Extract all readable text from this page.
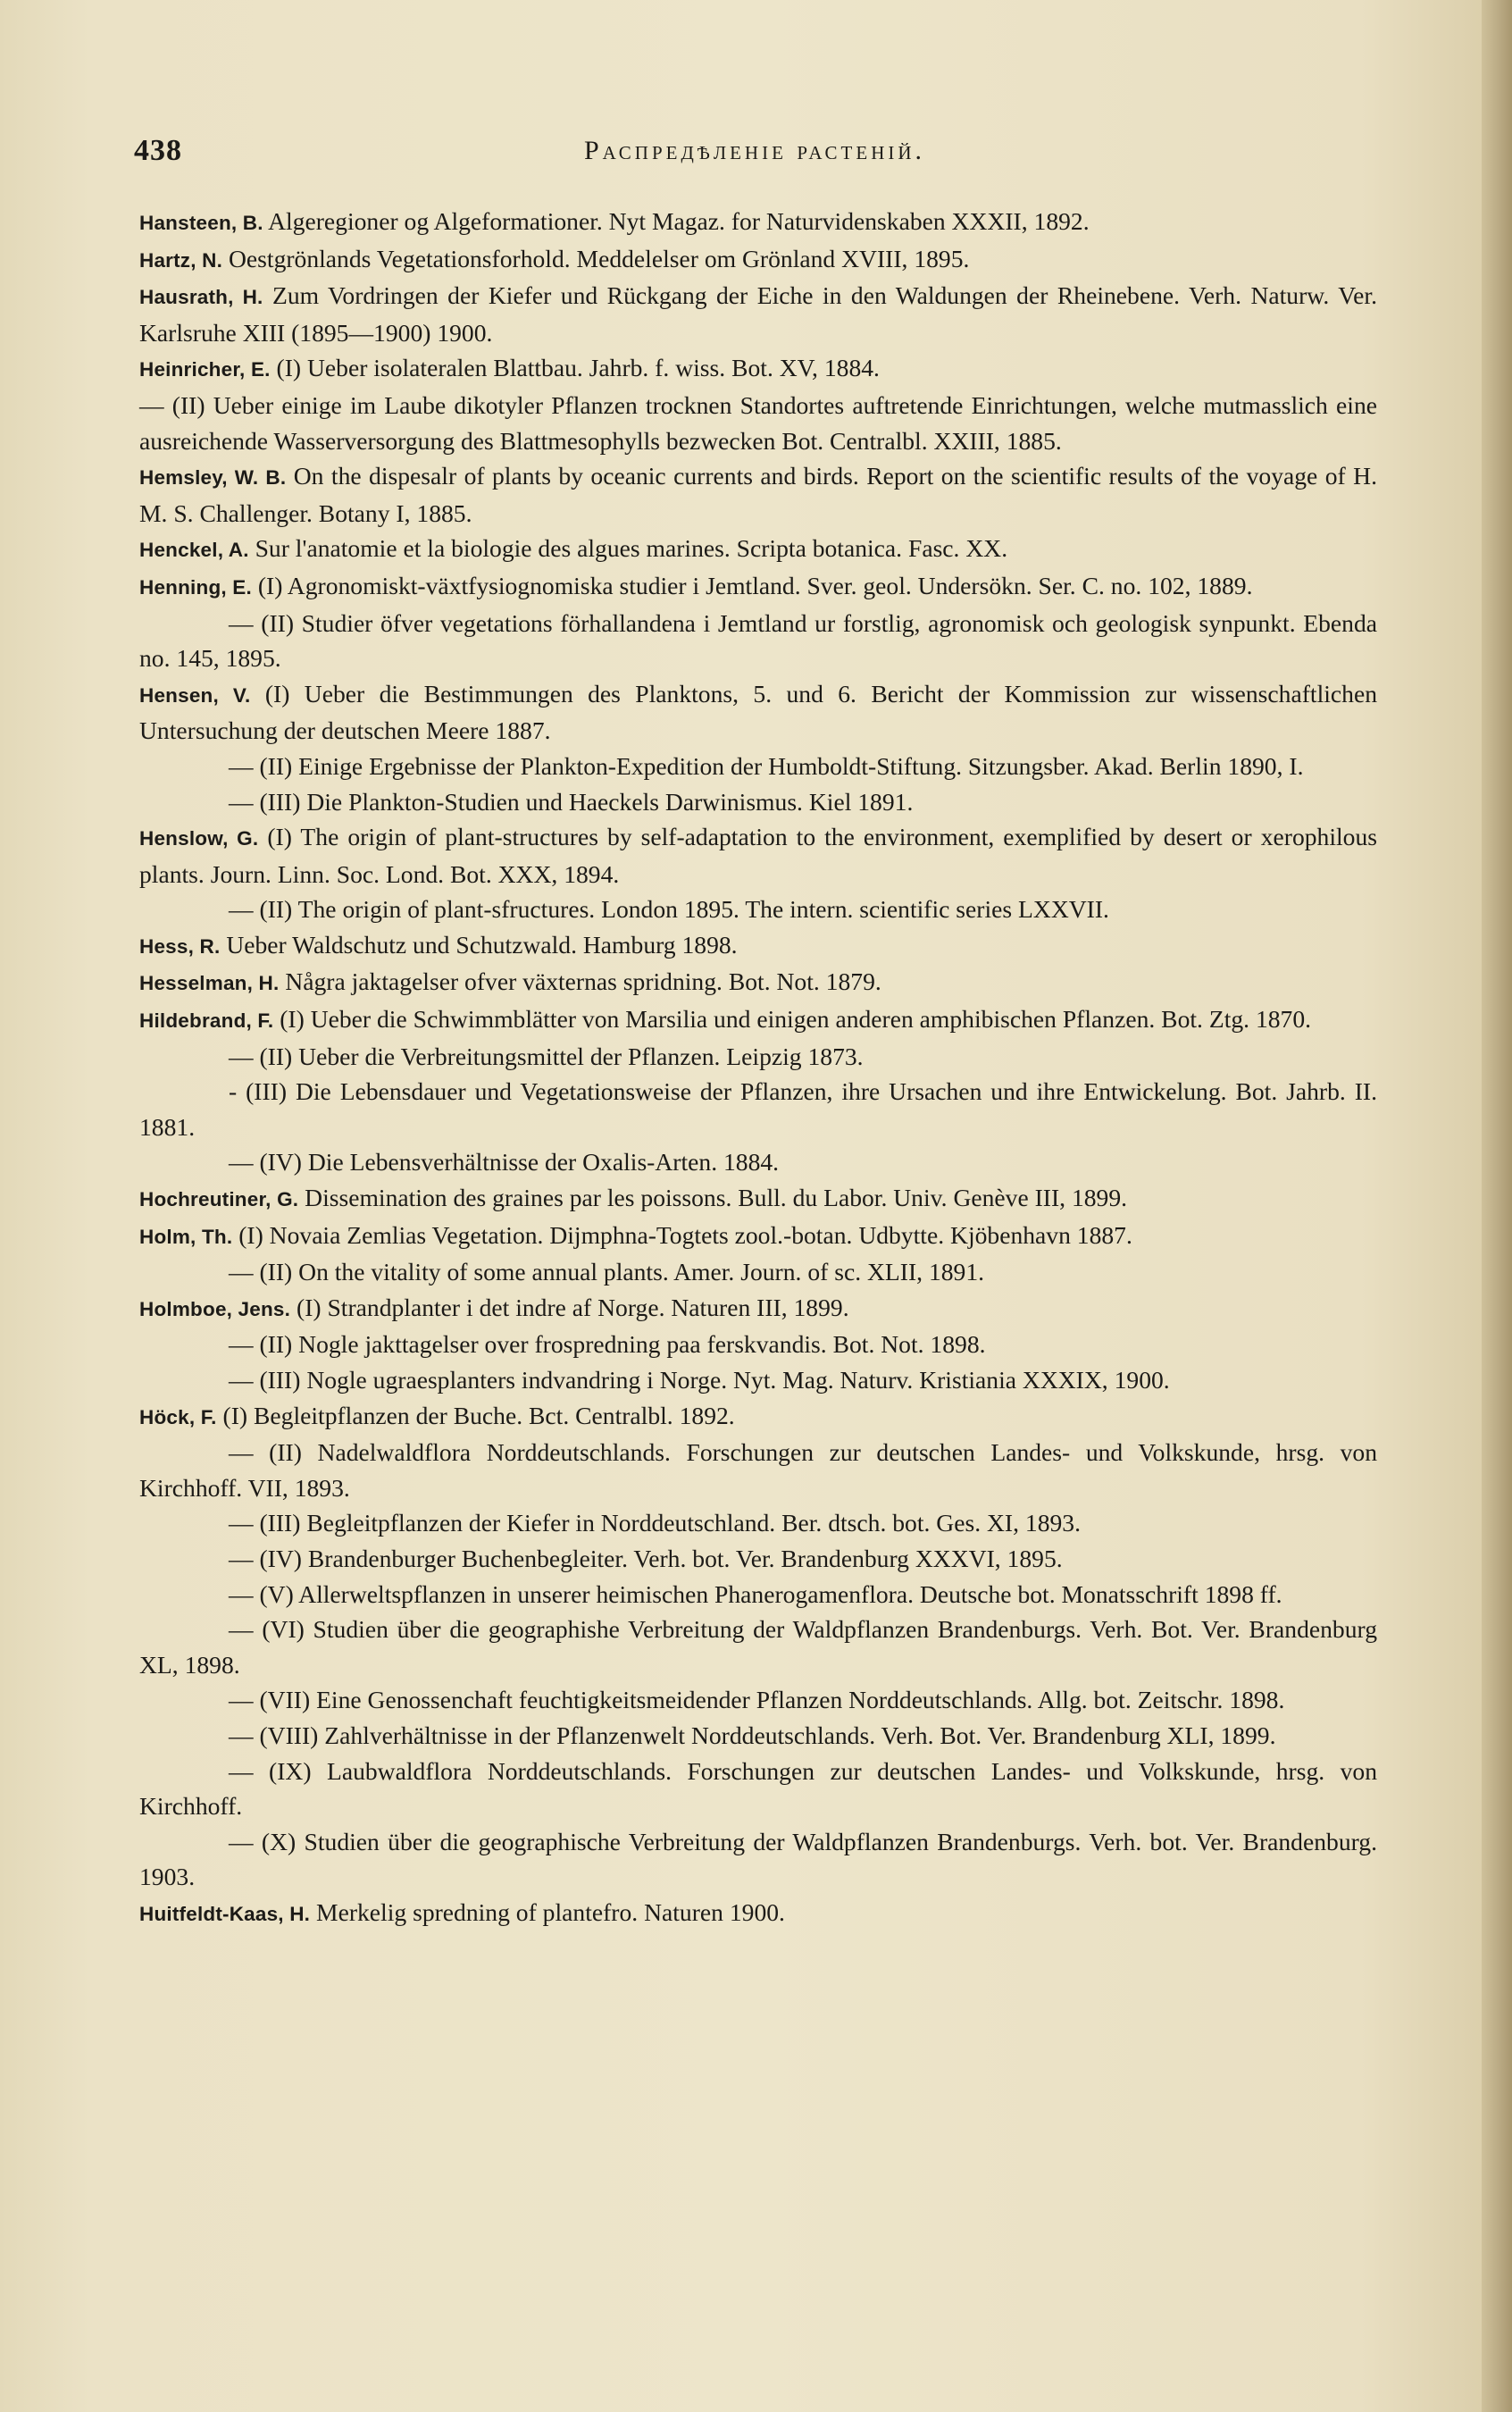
438	Распредѣленіе растеній.

Hansteen, B. Algeregioner og Algeformationer. Nyt Magaz. for Naturvidenskaben XXXII, 1892.

Hartz, N. Oestgrönlands Vegetationsforhold. Meddelelser om Grönland XVIII, 1895.

Hausrath, H. Zum Vordringen der Kiefer und Rückgang der Eiche in den Waldungen der Rheinebene. Verh. Naturw. Ver. Karlsruhe XIII (1895—1900) 1900.

Heinricher, E. (I) Ueber isolateralen Blattbau. Jahrb. f. wiss. Bot. XV, 1884.

— (II) Ueber einige im Laube dikotyler Pflanzen trocknen Standortes auftretende Einrichtungen, welche mutmasslich eine ausreichende Wasserversorgung des Blattmesophylls bezwecken Bot. Centralbl. XXIII, 1885.

Hemsley, W. B. On the dispesalr of plants by oceanic currents and birds. Report on the scientific results of the voyage of H. M. S. Challenger. Botany I, 1885.

Henckel, A. Sur l'anatomie et la biologie des algues marines. Scripta botanica. Fasc. XX.

Henning, E. (I) Agronomiskt-växtfysiognomiska studier i Jemtland. Sver. geol. Undersökn. Ser. C. no. 102, 1889.

— (II) Studier öfver vegetations förhallandena i Jemtland ur forstlig, agronomisk och geologisk synpunkt. Ebenda no. 145, 1895.

Hensen, V. (I) Ueber die Bestimmungen des Planktons, 5. und 6. Bericht der Kommission zur wissenschaftlichen Untersuchung der deutschen Meere 1887.

— (II) Einige Ergebnisse der Plankton-Expedition der Humboldt-Stiftung. Sitzungsber. Akad. Berlin 1890, I.

— (III) Die Plankton-Studien und Haeckels Darwinismus. Kiel 1891.

Henslow, G. (I) The origin of plant-structures by self-adaptation to the environment, exemplified by desert or xerophilous plants. Journ. Linn. Soc. Lond. Bot. XXX, 1894.

— (II) The origin of plant-sfructures. London 1895. The intern. scientific series LXXVII.

Hess, R. Ueber Waldschutz und Schutzwald. Hamburg 1898.

Hesselman, H. Några jaktagelser ofver växternas spridning. Bot. Not. 1879.

Hildebrand, F. (I) Ueber die Schwimmblätter von Marsilia und einigen anderen amphibischen Pflanzen. Bot. Ztg. 1870.

— (II) Ueber die Verbreitungsmittel der Pflanzen. Leipzig 1873.

- (III) Die Lebensdauer und Vegetationsweise der Pflanzen, ihre Ursachen und ihre Entwickelung. Bot. Jahrb. II. 1881.

— (IV) Die Lebensverhältnisse der Oxalis-Arten. 1884.

Hochreutiner, G. Dissemination des graines par les poissons. Bull. du Labor. Univ. Genève III, 1899.

Holm, Th. (I) Novaia Zemlias Vegetation. Dijmphna-Togtets zool.-botan. Udbytte. Kjöbenhavn 1887.

— (II) On the vitality of some annual plants. Amer. Journ. of sc. XLII, 1891.

Holmboe, Jens. (I) Strandplanter i det indre af Norge. Naturen III, 1899.

— (II) Nogle jakttagelser over frospredning paa ferskvandis. Bot. Not. 1898.

— (III) Nogle ugraesplanters indvandring i Norge. Nyt. Mag. Naturv. Kristiania XXXIX, 1900.

Höck, F. (I) Begleitpflanzen der Buche. Bct. Centralbl. 1892.

— (II) Nadelwaldflora Norddeutschlands. Forschungen zur deutschen Landes- und Volkskunde, hrsg. von Kirchhoff. VII, 1893.

— (III) Begleitpflanzen der Kiefer in Norddeutschland. Ber. dtsch. bot. Ges. XI, 1893.

— (IV) Brandenburger Buchenbegleiter. Verh. bot. Ver. Brandenburg XXXVI, 1895.

— (V) Allerweltspflanzen in unserer heimischen Phanerogamenflora. Deutsche bot. Monatsschrift 1898 ff.

— (VI) Studien über die geographishe Verbreitung der Waldpflanzen Brandenburgs. Verh. Bot. Ver. Brandenburg XL, 1898.

— (VII) Eine Genossenchaft feuchtigkeitsmeidender Pflanzen Norddeutschlands. Allg. bot. Zeitschr. 1898.

— (VIII) Zahlverhältnisse in der Pflanzenwelt Norddeutschlands. Verh. Bot. Ver. Brandenburg XLI, 1899.

— (IX) Laubwaldflora Norddeutschlands. Forschungen zur deutschen Landes- und Volkskunde, hrsg. von Kirchhoff.

— (X) Studien über die geographische Verbreitung der Waldpflanzen Brandenburgs. Verh. bot. Ver. Brandenburg. 1903.

Huitfeldt-Kaas, H. Merkelig spredning of plantefro. Naturen 1900.
